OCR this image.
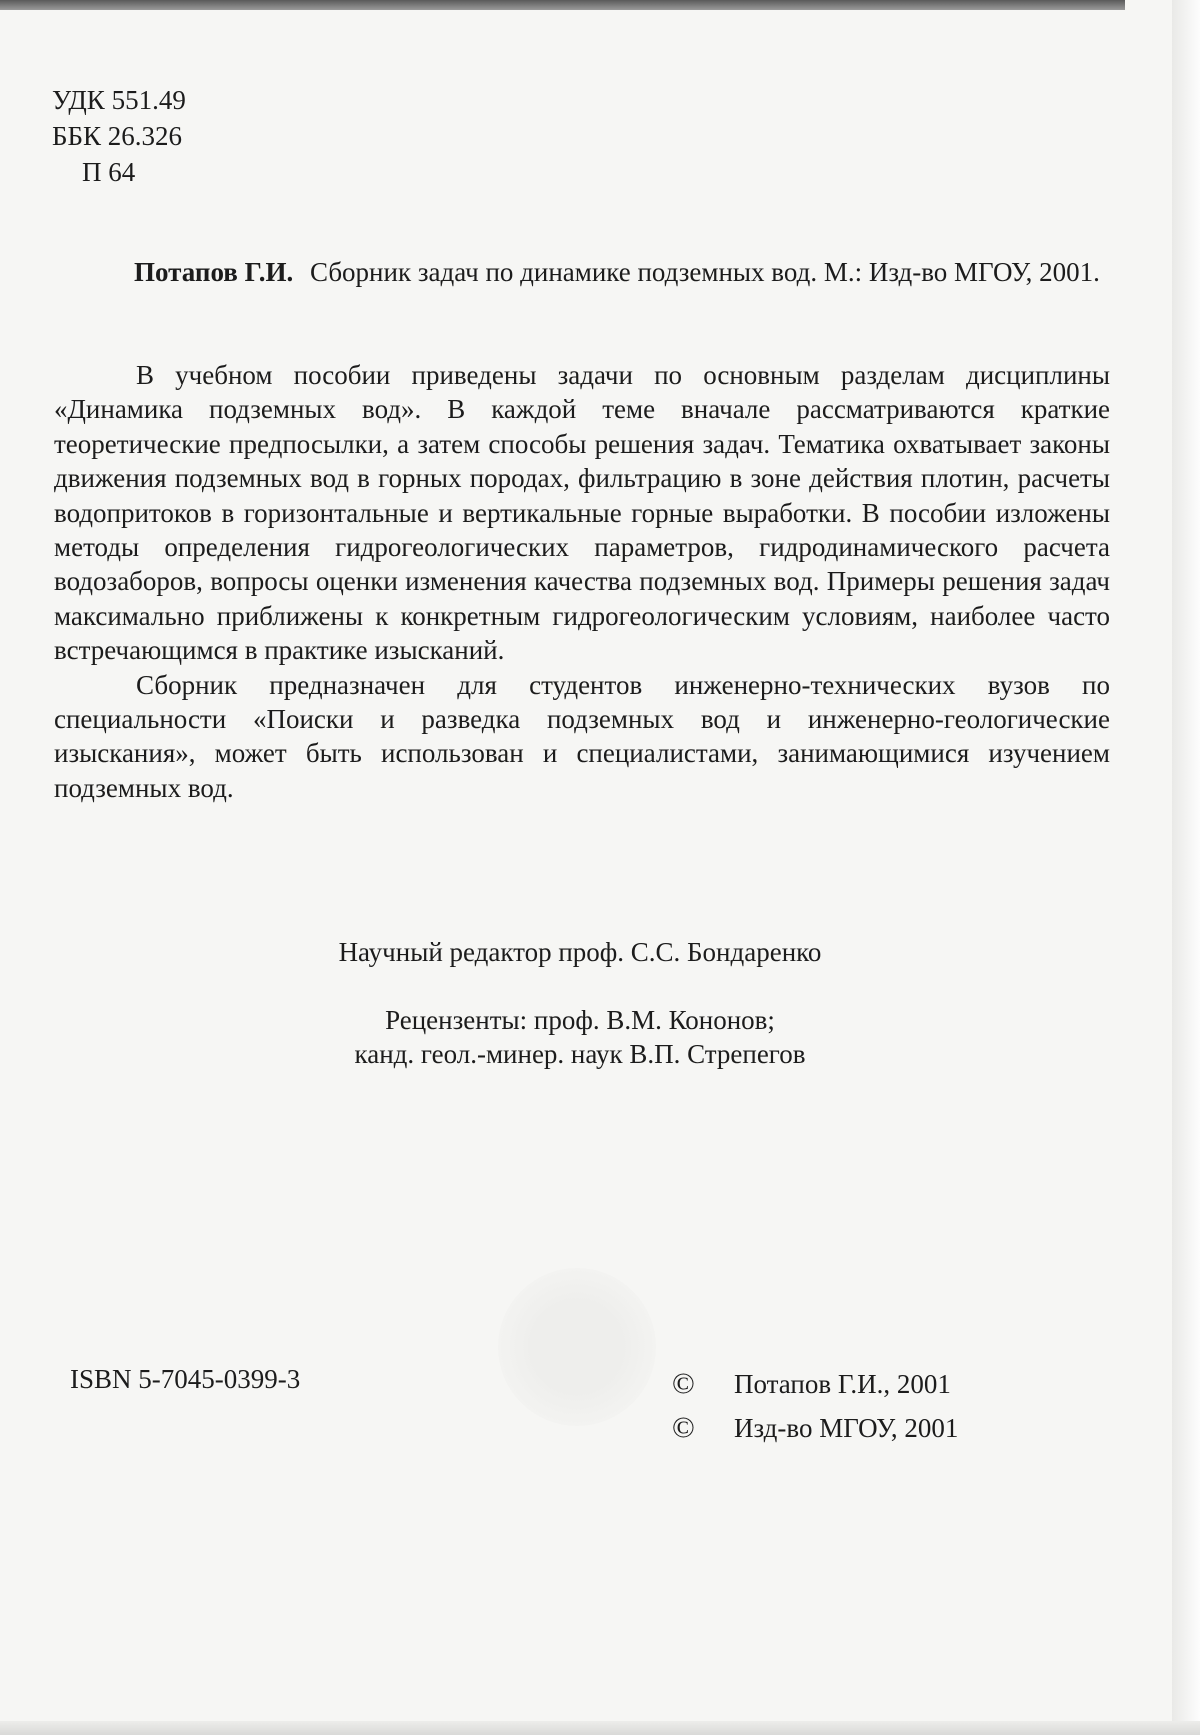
УДК 551.49
ББК 26.326
П 64
Потапов Г.И. Сборник задач по динамике подземных вод. М.: Изд-во МГОУ, 2001.

В учебном пособии приведены задачи по основным разделам дисциплины «Динамика подземных вод». В каждой теме вначале рассматриваются краткие теоретические предпосылки, а затем способы решения задач. Тематика охватывает законы движения подземных вод в горных породах, фильтрацию в зоне действия плотин, расчеты водопритоков в горизонтальные и вертикальные горные выработки. В пособии изложены методы определения гидрогеологических параметров, гидродинамического расчета водозаборов, вопросы оценки изменения качества подземных вод. Примеры решения задач максимально приближены к конкретным гидрогеологическим условиям, наиболее часто встречающимся в практике изысканий.

Сборник предназначен для студентов инженерно-технических вузов по специальности «Поиски и разведка подземных вод и инженерно-геологические изыскания», может быть использован и специалистами, занимающимися изучением подземных вод.

Научный редактор проф. С.С. Бондаренко
Рецензенты: проф. В.М. Кононов;
канд. геол.-минер. наук В.П. Стрепегов
ISBN 5-7045-0399-3	©	Потапов Г.И., 2001
©	Изд-во МГОУ, 2001
